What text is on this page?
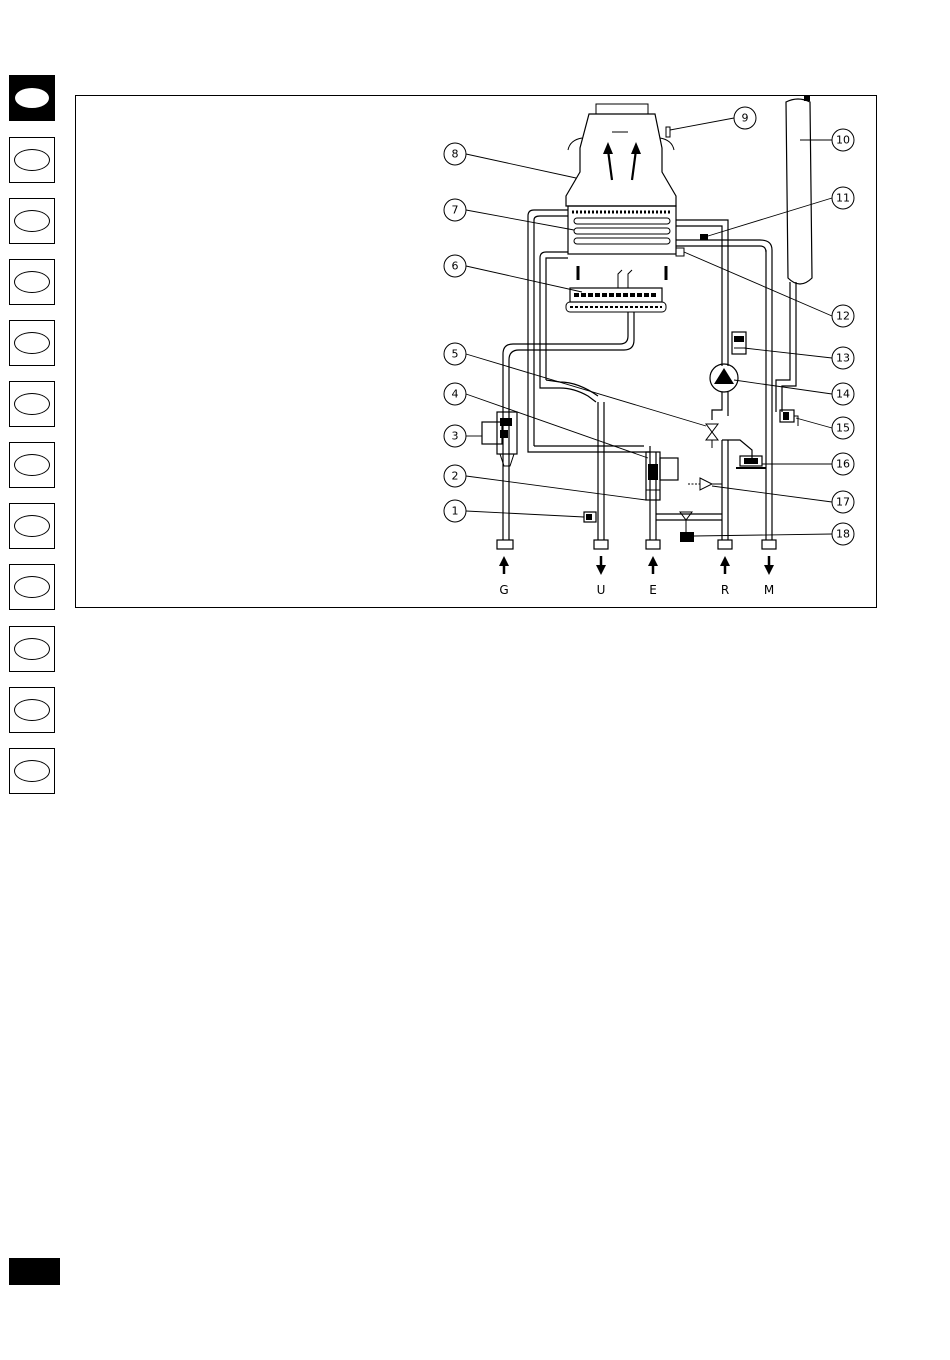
G	U	E	R	M
1
2
3
4
5
6
7
8
9
10
11
12
13
14
15
16
17
18
